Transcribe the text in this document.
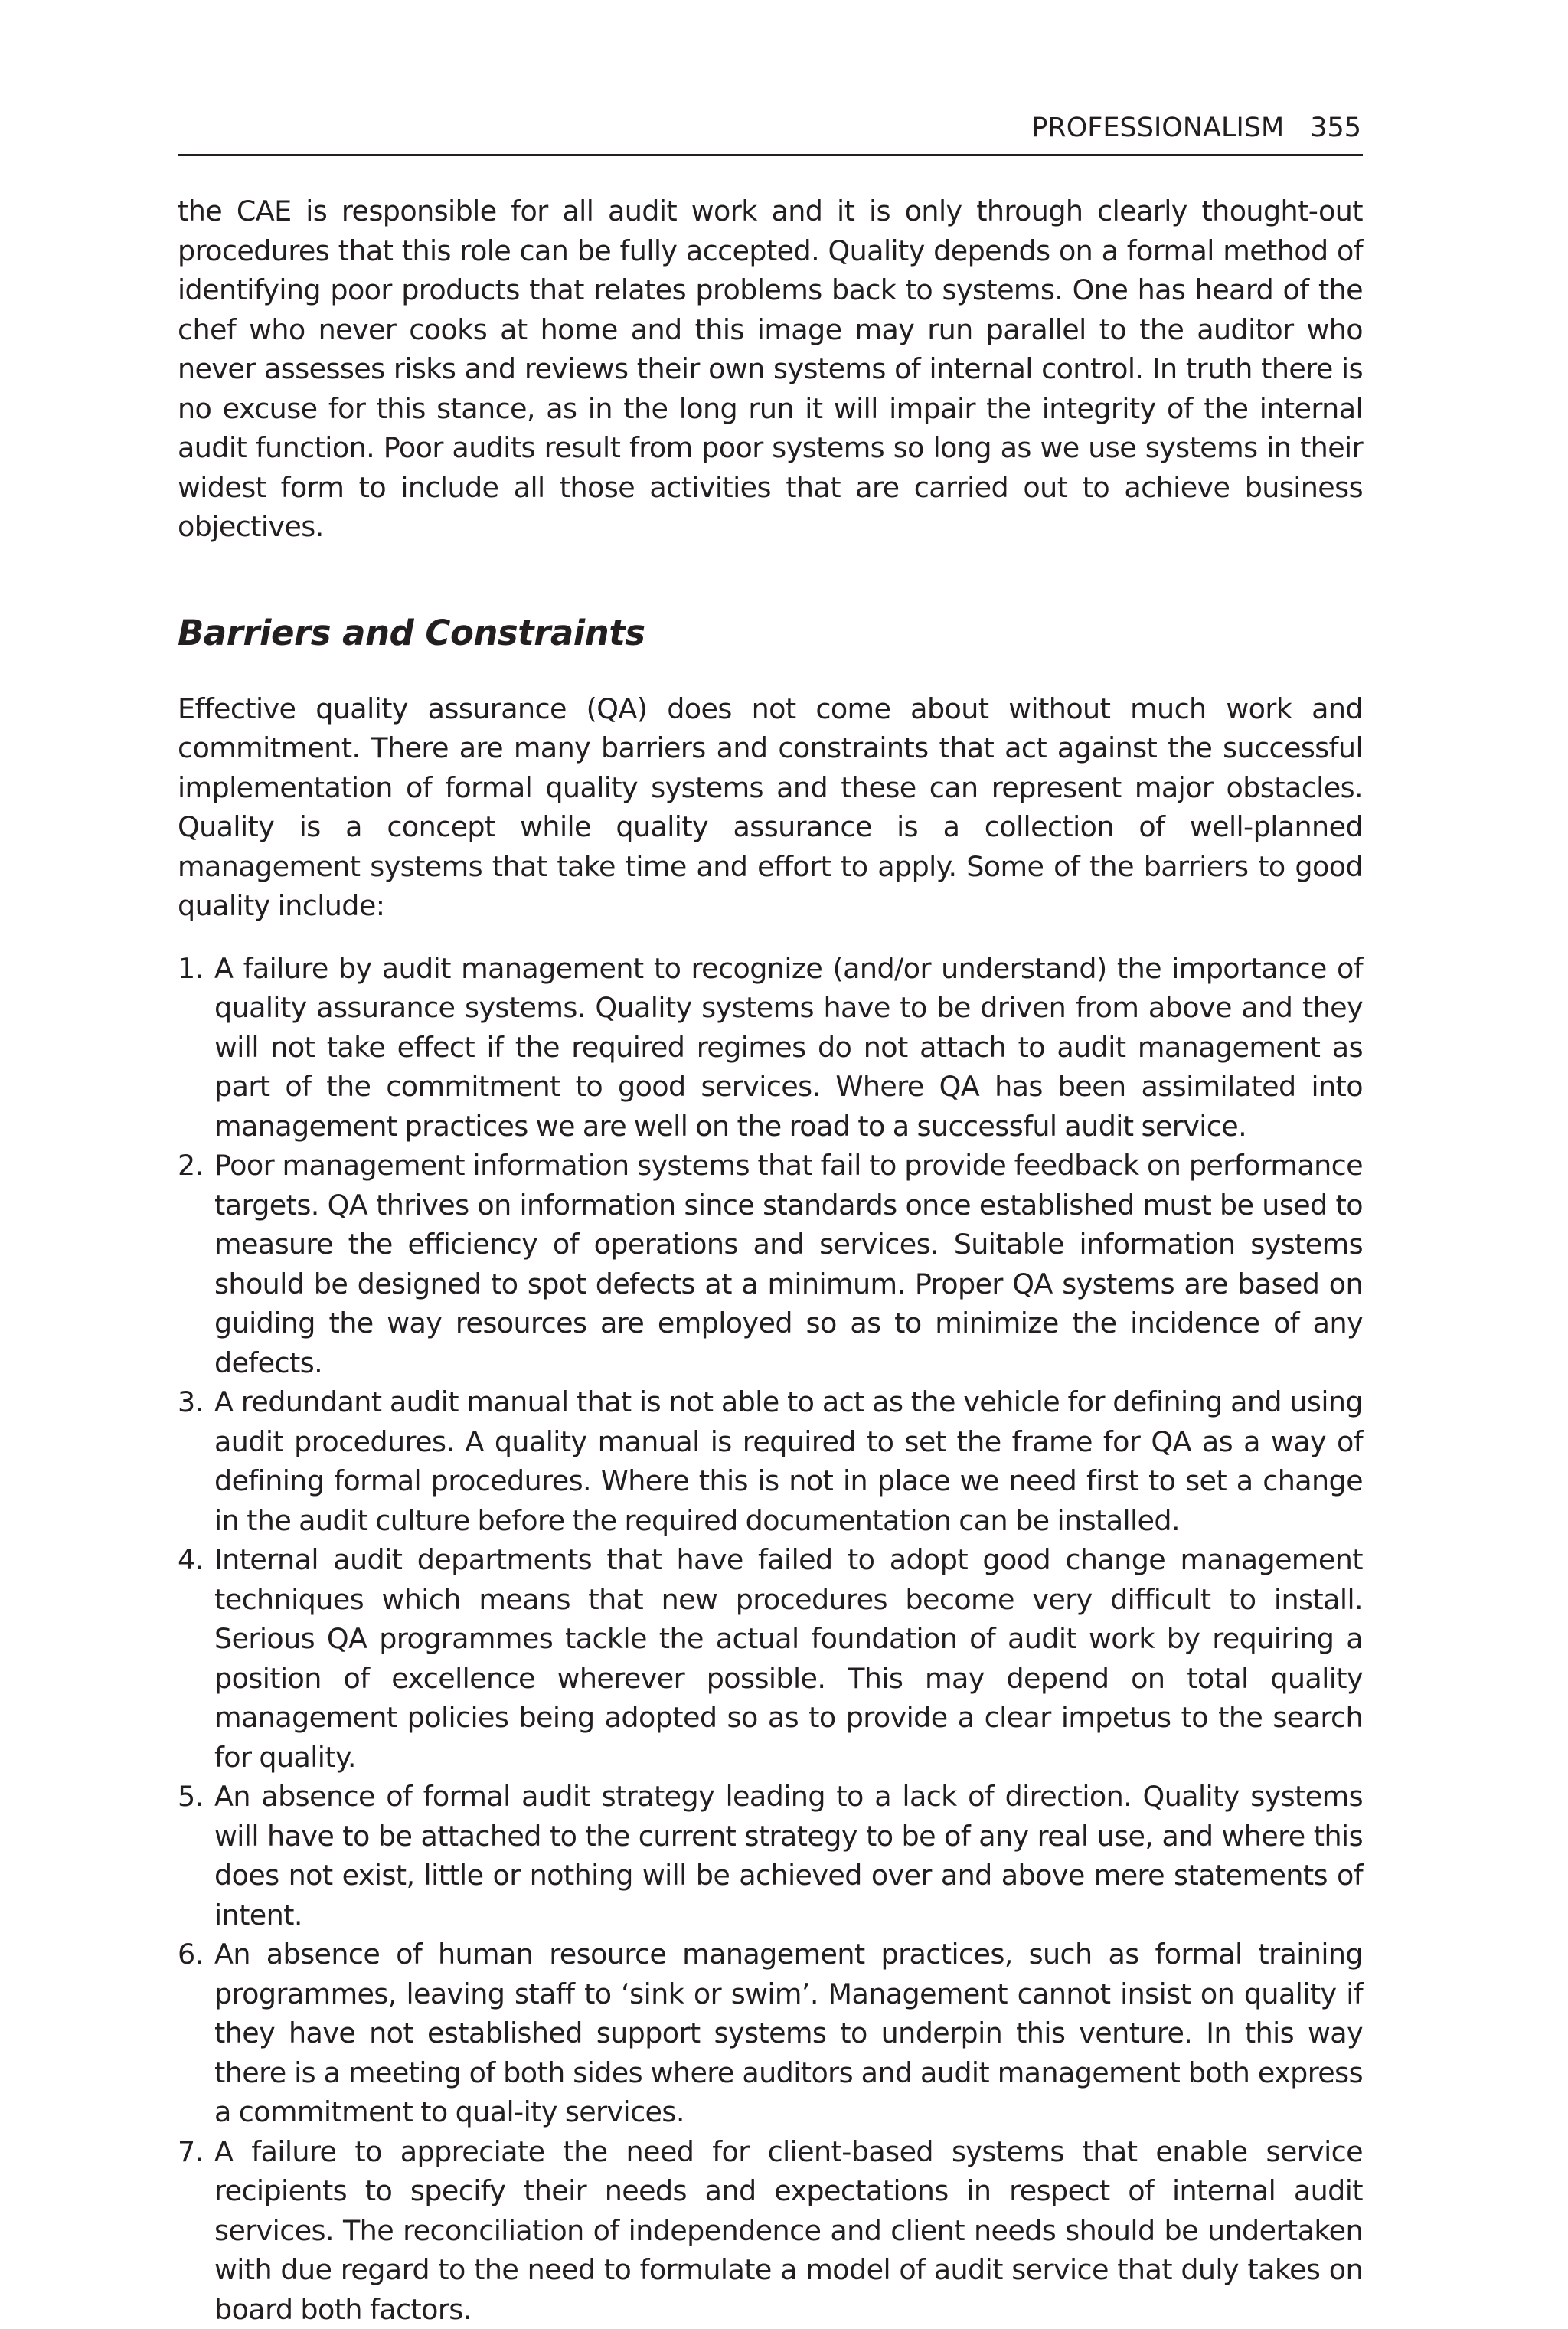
PROFESSIONALISM 355

the CAE is responsible for all audit work and it is only through clearly thought-out procedures that this role can be fully accepted. Quality depends on a formal method of identifying poor products that relates problems back to systems. One has heard of the chef who never cooks at home and this image may run parallel to the auditor who never assesses risks and reviews their own systems of internal control. In truth there is no excuse for this stance, as in the long run it will impair the integrity of the internal audit function. Poor audits result from poor systems so long as we use systems in their widest form to include all those activities that are carried out to achieve business objectives.

Barriers and Constraints

Effective quality assurance (QA) does not come about without much work and commitment. There are many barriers and constraints that act against the successful implementation of formal quality systems and these can represent major obstacles. Quality is a concept while quality assurance is a collection of well-planned management systems that take time and effort to apply. Some of the barriers to good quality include:

1. A failure by audit management to recognize (and/or understand) the importance of quality assurance systems. Quality systems have to be driven from above and they will not take effect if the required regimes do not attach to audit management as part of the commitment to good services. Where QA has been assimilated into management practices we are well on the road to a successful audit service.
2. Poor management information systems that fail to provide feedback on performance targets. QA thrives on information since standards once established must be used to measure the efficiency of operations and services. Suitable information systems should be designed to spot defects at a minimum. Proper QA systems are based on guiding the way resources are employed so as to minimize the incidence of any defects.
3. A redundant audit manual that is not able to act as the vehicle for defining and using audit procedures. A quality manual is required to set the frame for QA as a way of defining formal procedures. Where this is not in place we need first to set a change in the audit culture before the required documentation can be installed.
4. Internal audit departments that have failed to adopt good change management techniques which means that new procedures become very difficult to install. Serious QA programmes tackle the actual foundation of audit work by requiring a position of excellence wherever possible. This may depend on total quality management policies being adopted so as to provide a clear impetus to the search for quality.
5. An absence of formal audit strategy leading to a lack of direction. Quality systems will have to be attached to the current strategy to be of any real use, and where this does not exist, little or nothing will be achieved over and above mere statements of intent.
6. An absence of human resource management practices, such as formal training programmes, leaving staff to ‘sink or swim’. Management cannot insist on quality if they have not established support systems to underpin this venture. In this way there is a meeting of both sides where auditors and audit management both express a commitment to qual-ity services.
7. A failure to appreciate the need for client-based systems that enable service recipients to specify their needs and expectations in respect of internal audit services. The reconciliation of independence and client needs should be undertaken with due regard to the need to formulate a model of audit service that duly takes on board both factors.
